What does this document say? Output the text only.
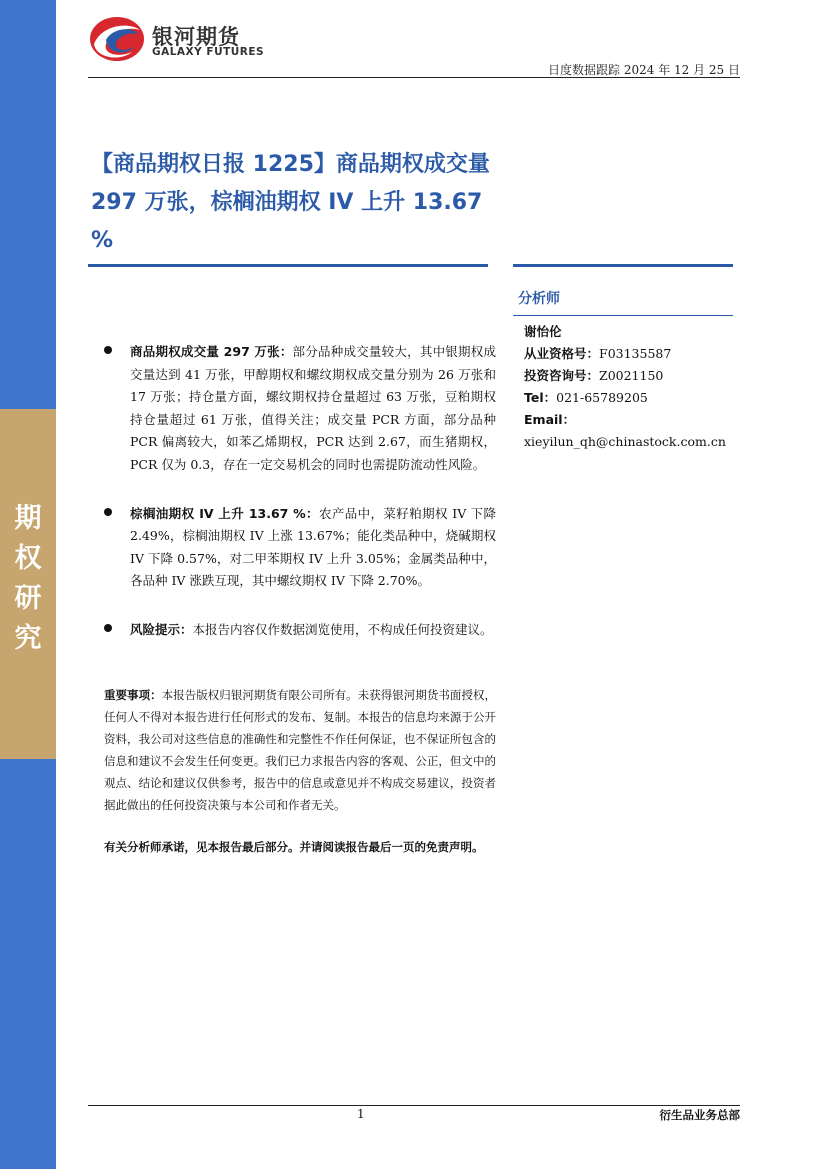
期
权
研
究
银河期货
GALAXY FUTURES
日度数据跟踪 2024 年 12 月 25 日
【商品期权日报 1225】商品期权成交量 297 万张，棕榈油期权 IV 上升 13.67 %
分析师
谢怡伦
从业资格号：F03135587
投资咨询号：Z0021150
Tel：021-65789205
Email：
xieyilun_qh@chinastock.com.cn
商品期权成交量 297 万张：部分品种成交量较大，其中银期权成交量达到 41 万张，甲醇期权和螺纹期权成交量分别为 26 万张和 17 万张；持仓量方面，螺纹期权持仓量超过 63 万张，豆粕期权持仓量超过 61 万张，值得关注；成交量 PCR 方面，部分品种 PCR 偏离较大，如苯乙烯期权，PCR 达到 2.67，而生猪期权，PCR 仅为 0.3，存在一定交易机会的同时也需提防流动性风险。
棕榈油期权 IV 上升 13.67 %：农产品中，菜籽粕期权 IV 下降 2.49%，棕榈油期权 IV 上涨 13.67%；能化类品种中，烧碱期权 IV 下降 0.57%，对二甲苯期权 IV 上升 3.05%；金属类品种中，各品种 IV 涨跌互现，其中螺纹期权 IV 下降 2.70%。
风险提示：本报告内容仅作数据浏览使用，不构成任何投资建议。

重要事项：本报告版权归银河期货有限公司所有。未获得银河期货书面授权，任何人不得对本报告进行任何形式的发布、复制。本报告的信息均来源于公开资料，我公司对这些信息的准确性和完整性不作任何保证，也不保证所包含的信息和建议不会发生任何变更。我们已力求报告内容的客观、公正，但文中的观点、结论和建议仅供参考，报告中的信息或意见并不构成交易建议，投资者据此做出的任何投资决策与本公司和作者无关。

有关分析师承诺，见本报告最后部分。并请阅读报告最后一页的免责声明。

1	衍生品业务总部
